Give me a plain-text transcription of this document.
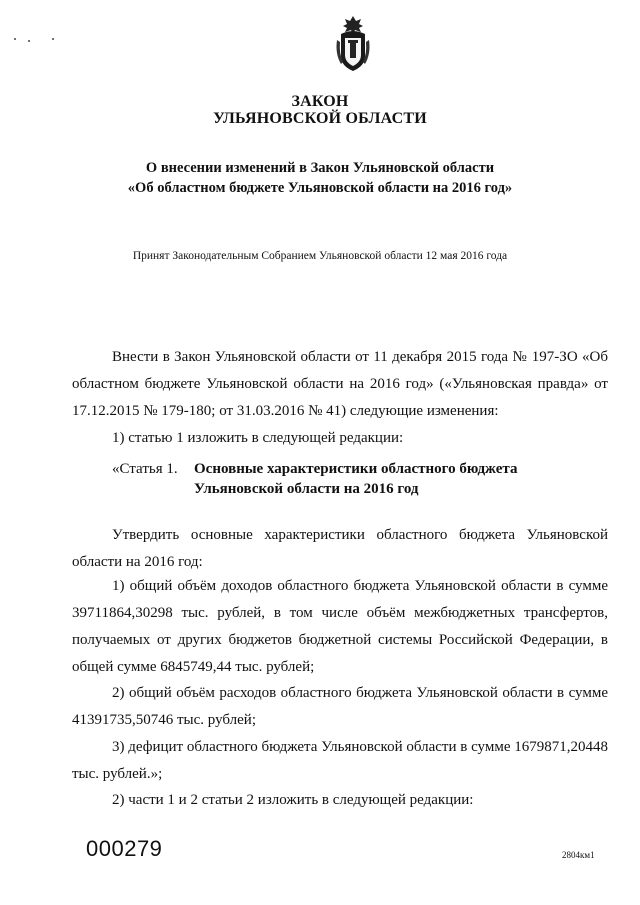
ЗАКОН
УЛЬЯНОВСКОЙ ОБЛАСТИ
О внесении изменений в Закон Ульяновской области
«Об областном бюджете Ульяновской области на 2016 год»
Принят Законодательным Собранием Ульяновской области 12 мая 2016 года
Внести в Закон Ульяновской области от 11 декабря 2015 года № 197-ЗО «Об областном бюджете Ульяновской области на 2016 год» («Ульяновская правда» от 17.12.2015 № 179-180; от 31.03.2016 № 41) следующие изменения:
1) статью 1 изложить в следующей редакции:
«Статья 1. Основные характеристики областного бюджета Ульяновской области на 2016 год
Утвердить основные характеристики областного бюджета Ульяновской области на 2016 год:
1) общий объём доходов областного бюджета Ульяновской области в сумме 39711864,30298 тыс. рублей, в том числе объём межбюджетных трансфертов, получаемых от других бюджетов бюджетной системы Российской Федерации, в общей сумме 6845749,44 тыс. рублей;
2) общий объём расходов областного бюджета Ульяновской области в сумме 41391735,50746 тыс. рублей;
3) дефицит областного бюджета Ульяновской области в сумме 1679871,20448 тыс. рублей.»;
2) части 1 и 2 статьи 2 изложить в следующей редакции:
000279	2804км1
